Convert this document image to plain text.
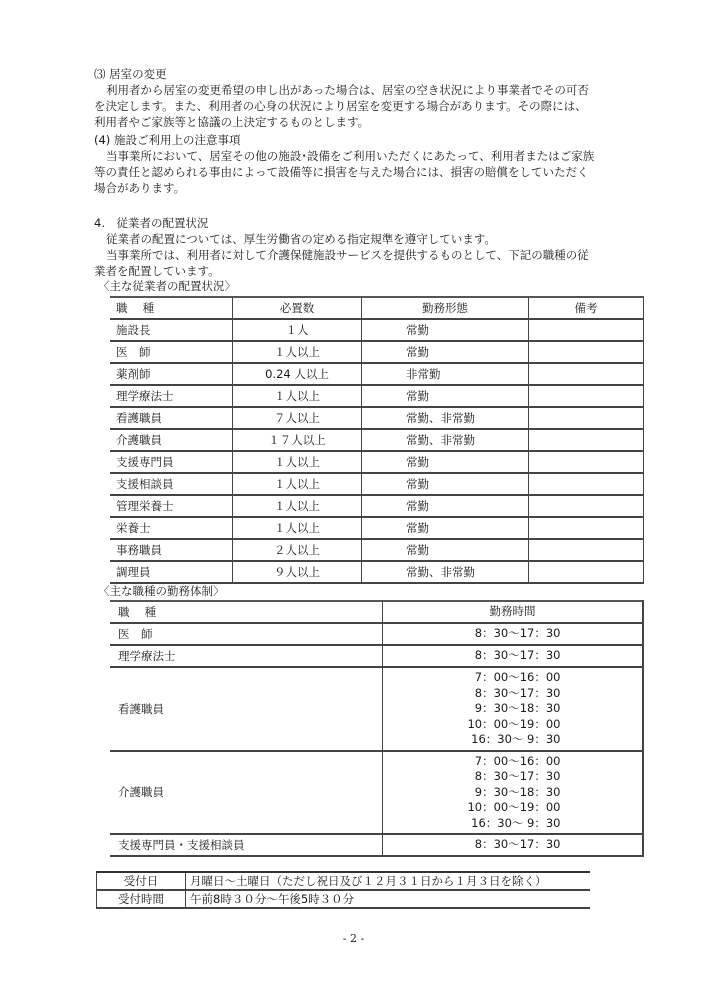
⑶ 居室の変更

利用者から居室の変更希望の申し出があった場合は、居室の空き状況により事業者でその可否

を決定します。また、利用者の心身の状況により居室を変更する場合があります。その際には、

利用者やご家族等と協議の上決定するものとします。

(4) 施設ご利用上の注意事項

当事業所において、居室その他の施設･設備をご利用いただくにあたって、利用者またはご家族

等の責任と認められる事由によって設備等に損害を与えた場合には、損害の賠償をしていただく

場合があります。

4.　従業者の配置状況

従業者の配置については、厚生労働省の定める指定規準を遵守しています。

当事業所では、利用者に対して介護保健施設サービスを提供するものとして、下記の職種の従

業者を配置しています。

〈主な従業者の配置状況〉

職　 種	必置数	勤務形態	備考
施設長	１人	常勤	
医　師	１人以上	常勤	
薬剤師	0.24 人以上	非常勤	
理学療法士	１人以上	常勤	
看護職員	７人以上	常勤、非常勤	
介護職員	１７人以上	常勤、非常勤	
支援専門員	１人以上	常勤	
支援相談員	１人以上	常勤	
管理栄養士	１人以上	常勤	
栄養士	１人以上	常勤	
事務職員	２人以上	常勤	
調理員	９人以上	常勤、非常勤	

〈主な職種の勤務体制〉

職　 種	勤務時間
医　師	8：30～17：30

理学療法士	8：30～17：30

看護職員	7：00～16：00
8：30～17：30
9：30～18：30
10：00～19：00
16：30～ 9：30

介護職員	7：00～16：00
8：30～17：30
9：30～18：30
10：00～19：00
16：30～ 9：30

支援専門員・支援相談員	8：30～17：30
受付日	月曜日～土曜日（ただし祝日及び１２月３１日から１月３日を除く）
受付時間	午前8時３０分～午後5時３０分
- 2 -
